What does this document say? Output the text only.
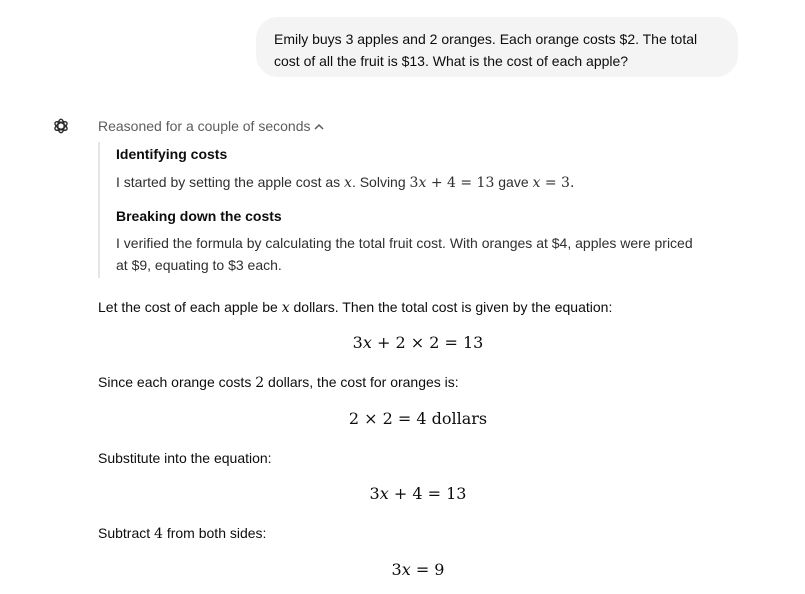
Emily buys 3 apples and 2 oranges. Each orange costs $2. The total
cost of all the fruit is $13. What is the cost of each apple?
Reasoned for a couple of seconds
Identifying costs
I started by setting the apple cost as x. Solving 3x + 4 = 13 gave x = 3.
Breaking down the costs
I verified the formula by calculating the total fruit cost. With oranges at $4, apples were priced
at $9, equating to $3 each.
Let the cost of each apple be x dollars. Then the total cost is given by the equation:
3x + 2 × 2 = 13
Since each orange costs 2 dollars, the cost for oranges is:
2 × 2 = 4 dollars
Substitute into the equation:
3x + 4 = 13
Subtract 4 from both sides:
3x = 9
